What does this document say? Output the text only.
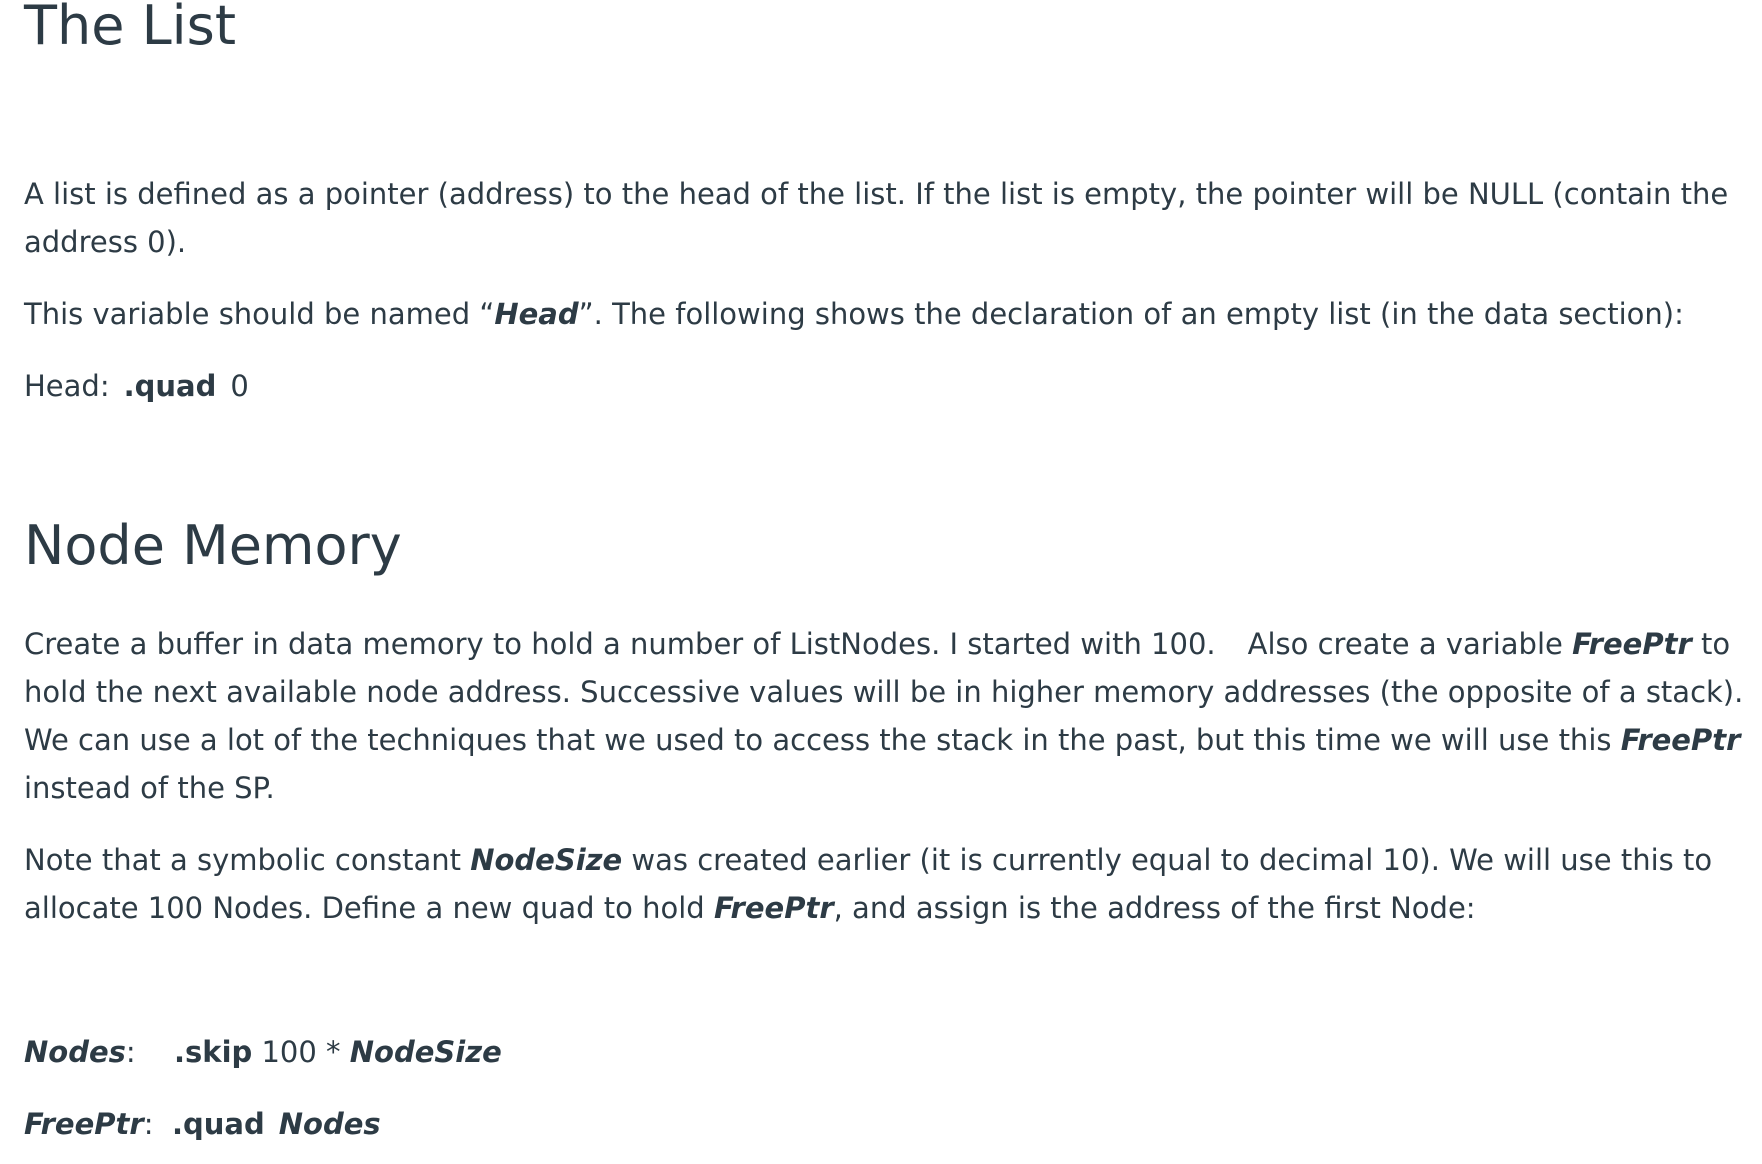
The List

A list is defined as a pointer (address) to the head of the list. If the list is empty, the pointer will be NULL (contain the address 0).

This variable should be named “Head”. The following shows the declaration of an empty list (in the data section):

Head: .quad 0

Node Memory

Create a buffer in data memory to hold a number of ListNodes. I started with 100. Also create a variable FreePtr to hold the next available node address. Successive values will be in higher memory addresses (the opposite of a stack). We can use a lot of the techniques that we used to access the stack in the past, but this time we will use this FreePtr instead of the SP.

Note that a symbolic constant NodeSize was created earlier (it is currently equal to decimal 10). We will use this to allocate 100 Nodes. Define a new quad to hold FreePtr, and assign is the address of the first Node:

Nodes: .skip 100 * NodeSize

FreePtr: .quad Nodes
